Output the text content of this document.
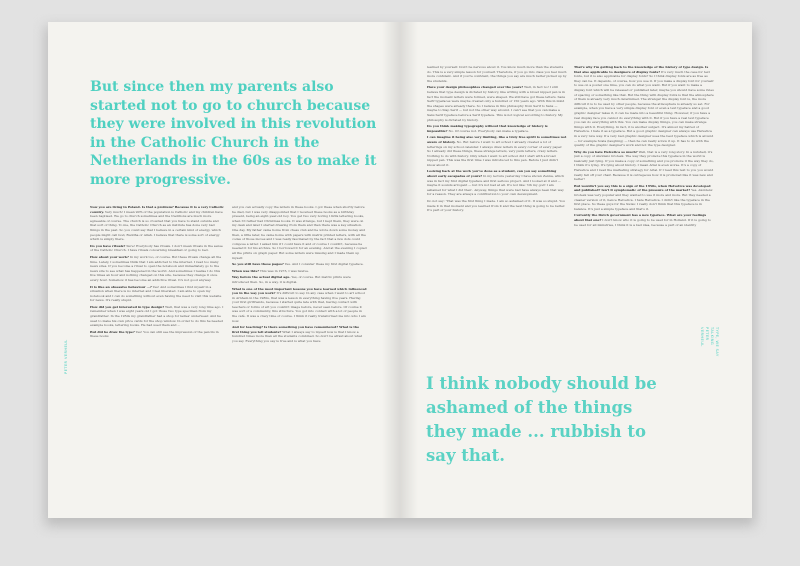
But since then my parents also started not to go to church because they were involved in this revolution in the Catholic Church in the Netherlands in the 60s as to make it more progressive.

Now you are living in Poland. Is that a problem? Because it is a very Catholic country. Very much! I mean 90% of the population is Catholic and my children have been baptised. We go to church sometimes and the traditions are much more agreeable of course. The church is so crowded that you have to stand outside and that sort of thing. To me, the Catholic Church as an institute has done very bad things in the past. So you could say that I believe in a certain kind of energy, which people might call God, Buddha or Allah. I believe that there is some sort of energy which is simply there.

Do you have rituals? Sure! Everybody has rituals. I don't mean rituals in the sense of the Catholic Church. I have rituals concerning breakfast or going to bed.

How about your work? In my work too, of course. But these rituals change all the time. Lately, I sometimes think that I am addicted to the internet. I read too many news sites. If you become a ritual to open the notebook and immediately go to the news site to see what has happened in the world. And sometimes I realise I do this five times an hour and nothing changed on this site, because they change it once every hour. Somehow it has become an addictive ritual. It's not good anyway.

It is like an obsessive behaviour ...? Yes! And sometimes I find myself in a situation when there is no internet and I feel liberated. I am able to open my notebook and I can do something without even having the need to visit this website for news. It's really stupid.

How did you get interested in type design? Well, that was a very long time ago. I remember when I was eight years old I got those two type specimen from my grandfather. In the 1950s my grandfather had a shop for ladies' underwear. And he used to make his own price cards for the shop window. In order to do this he needed example books, lettering books. He had used them and ...

But did he draw the type? Yes! You can still see the impression of the pencils in these books

and you can actually copy the letters in these books. I got these when shortly before he died, but I was very disappointed that I received these books as a birthday present, being an eight-year-old boy. You get two very boring 1920s lettering books, when I'd rather had Christmas books. It was strange, but I kept them, they were on my desk and later I started drawing from them and then there was a key situation. One day, My father came home from chess club and he wrote down some money and then, a little later, he came home with papers with matrix printed letters, with all the codes of those moves and I was really fascinated by the fact that a few dots could compose a letter. I asked him if I could have it and of course I couldn't, because he needed it for his archive. So I borrowed it for an evening. And at the evening I copied all the prints on graph paper. But some letters were missing and I made them up myself.

So you still have these pages? Yes. And I consider these my first digital typeface.

When was this? This was in 1973, I was twelve.

Way before the actual digital age. Yes, of course. But matrix prints were introduced then. So, in a way, it is digital.

What is one of the most important lessons you have learned which influenced you in the way you work? It's difficult to say. In any case when I went to art school in Arnhem in the 1980s, that was a lesson in everything having five years. Having your first girlfriends, because I started quite late with that, having contact with teachers or forms of art you couldn't image before, never seen before. Of course it was sort of a community, this structure. You got into contact with a lot of people in the café. It was a crazy time of course. I think it really transformed me into who I am now.

And for teaching? Is there something you have remembered? What is the first thing you tell students? What I always say to myself now is that I know a hundred times more than all the students combined. So don't be afraid about what you say. Everything you say is true and is what you have

PETER VERHEUL

learned by yourself. Don't be nervous about it. You know much more than the students do. This is a very simple lesson for yourself. Therefore, if you go into class you feel much more confident. And if you're confident, the things you say are much better picked up by the students.

Have your design philosophies changed over the years? Well, in fact no! I still believe that type design is dictated by history, like writing with a broad nipped pen is in fact the moment letters were formed, were shaped. We still have got these letters. Sans Serif typefaces were maybe created only a hundred or 150 years ago. With this in mind the shapes were already there. So I believe in this philosophy from Serif to Sans — maybe to Slap Serif — but not the other way around. I can't see that you can make a Sans Serif typeface before a Serif typeface. This is not logical according to history. My philosophy is dictated by history.

Do you think making typography without that knowledge of history is impossible? No. Of course not. Everybody can make a typeface.

I can imagine it being also very limiting, like a truly free spirit is sometimes not aware of history. No. But before I went to art school I already created a lot of letterings on my school calendar. I always drew letters in every corner of every paper. So I already did these things, these strange letters, very punk letters, crazy letters. Nothing to do with history. Only when I went to art school did I start with a broad nipped pen. This was the first time I was introduced to this pen. Before I just didn't know about it.

Looking back at the work you've done as a student, can you say something about early escapades of yours? In my lecture yesterday I have shown Zenna, which was in fact my first digital typeface and first serious project. And I looked at it and — maybe it sounds arrogant — but it's not bad at all. It's not like: 'Oh my god! I am ashamed for what I did then'. Anyway, things that were bad have always been that way for a reason. They are always a contribution to your own development.

Do not say: 'That was the first thing I made. I am so ashamed of it. It was so stupid. You made it in that moment and you learned from it and the next thing is going to be better. It's part of your history.

That's why I'm getting back to the knowledge of the history of type design. Is that also applicable to designers of display fonts? It's very much the case for text fonts, but it is also applicable for display fonts? So I think display fonts are as free as they can be. It depends, of course, how you use it. If you make a display font for yourself to use on a poster one time, you can do what you want. But if you want to make a display font which will be released or published later, maybe you should have some rules of spacing or something like that. But the thing with display fonts is that the atmosphere of them is already very much determined. The stranger the display font is, the more difficult it is to be used by other people, because the atmosphere is already so set. For example, when you have a very simple display font or even a text typeface and a good graphic designer takes it, it can be made into a beautiful thing. However, if you have a real display face you cannot do everything with it. But if you have a real text typeface you can do everything with this. You can make display things, you can make strange things with it. Everything. In fact, it is another subject. It's almost my hatred of Helvetica. I hate it as a typeface. But a good graphic designer can always use Helvetica in a very nice way. If a very bad graphic designer uses the best typeface which is around — for example Scala (laughing) — then he can really screw it up. It has to do with the quality of the graphic designer's work and not the type designer.

Why do you hate Helvetica so much? Well, that is a very long story. In a nutshell, it's just a copy of Akzidenz Grotesk. The way they promote this typeface in the world is basically just lying. If you make a copy of something and you promote it the way they do, I think it's lying. It's lying about history. I mean Arial is even worse. It's a copy of Helvetica and I read the marketing strategy for Arial. If I read this text to you you would really fall off your chair. Because it is outrageous how it is promoted like it was new and better!

But wouldn't you say this is a sign of the 1950s, when Helvetica was developed and published? Isn't it symptomatic of the pressure of the market? Yes. Akzidenz Grotesk was very popular and they wanted to use it more and more. But they needed a cleaner version of it, hence Helvetica. I hate Helvetica. I didn't like the typeface in the first place. So these guys for the Swiss: I really don't think that this typeface is in balance. It's just a simple typeface and that's it.

Currently the Dutch government has a new typeface. What are your feelings about that one? I don't know who it is going to be used for in Holland. If it is going to be used for all ministries, I think it is a bad idea, because a part of an identity

I think nobody should be ashamed of the things they made ... rubbish to say that.

TYPE, WE SAY TALKING PETER VERHEUL
